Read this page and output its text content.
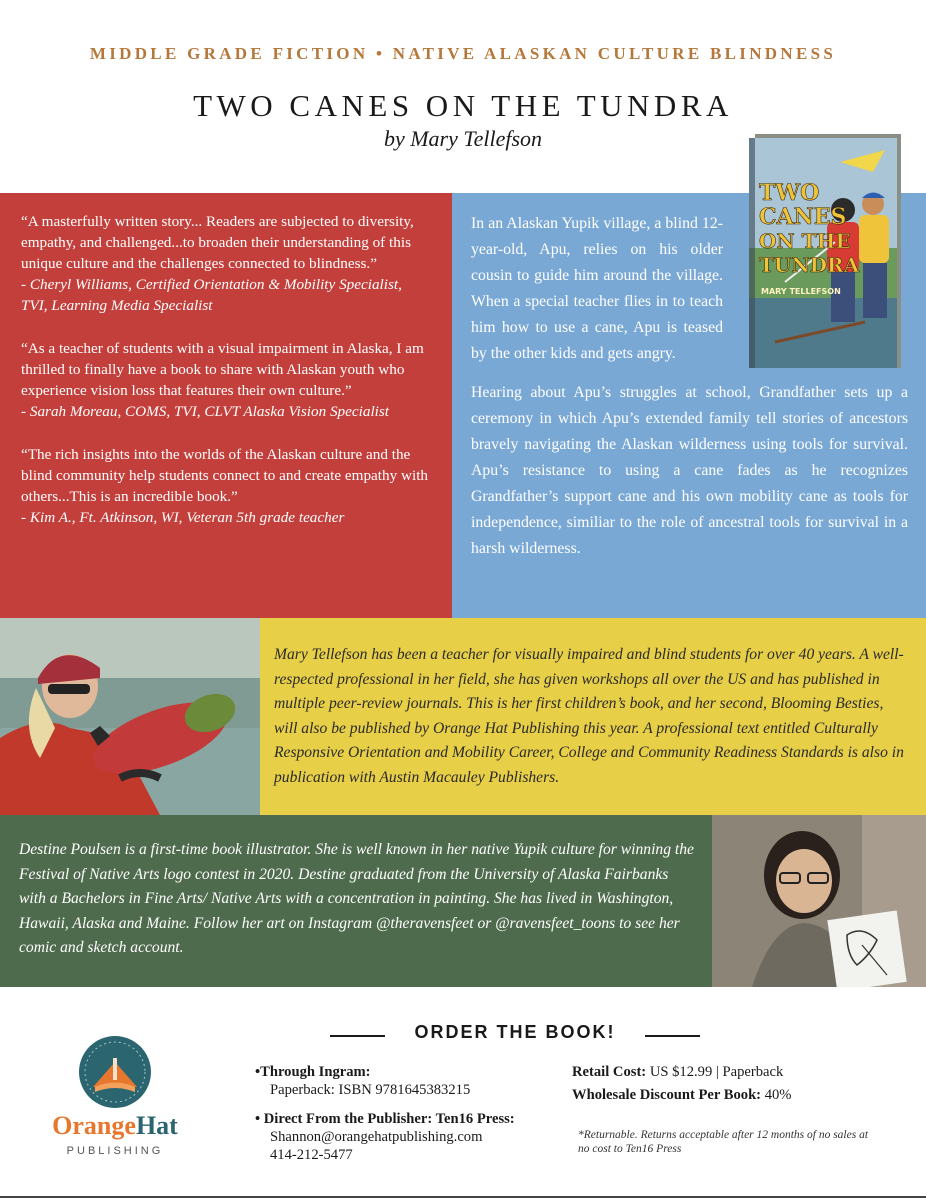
MIDDLE GRADE FICTION • NATIVE ALASKAN CULTURE BLINDNESS
TWO CANES ON THE TUNDRA
by Mary Tellefson
“A masterfully written story... Readers are subjected to diversity, empathy, and challenged...to broaden their understanding of this unique culture and the challenges connected to blindness.”
- Cheryl Williams, Certified Orientation & Mobility Specialist, TVI, Learning Media Specialist
“As a teacher of students with a visual impairment in Alaska, I am thrilled to finally have a book to share with Alaskan youth who experience vision loss that features their own culture.”
- Sarah Moreau, COMS, TVI, CLVT Alaska Vision Specialist
“The rich insights into the worlds of the Alaskan culture and the blind community help students connect to and create empathy with others...This is an incredible book.”
- Kim A., Ft. Atkinson, WI, Veteran 5th grade teacher

In an Alaskan Yupik village, a blind 12-year-old, Apu, relies on his older cousin to guide him around the village. When a special teacher flies in to teach him how to use a cane, Apu is teased by the other kids and gets angry.

Hearing about Apu’s struggles at school, Grandfather sets up a ceremony in which Apu’s extended family tell stories of ancestors bravely navigating the Alaskan wilderness using tools for survival. Apu’s resistance to using a cane fades as he recognizes Grandfather’s support cane and his own mobility cane as tools for independence, similiar to the role of ancestral tools for survival in a harsh wilderness.

TWO
CANES
ON THE
TUNDRA
MARY TELLEFSON
Mary Tellefson has been a teacher for visually impaired and blind students for over 40 years. A well-respected professional in her field, she has given workshops all over the US and has published in multiple peer-review journals. This is her first children’s book, and her second, Blooming Besties, will also be published by Orange Hat Publishing this year. A professional text entitled Culturally Responsive Orientation and Mobility Career, College and Community Readiness Standards is also in publication with Austin Macauley Publishers.
Destine Poulsen is a first-time book illustrator. She is well known in her native Yupik culture for winning the Festival of Native Arts logo contest in 2020. Destine graduated from the University of Alaska Fairbanks with a Bachelors in Fine Arts/ Native Arts with a concentration in painting. She has lived in Washington, Hawaii, Alaska and Maine. Follow her art on Instagram @theravensfeet or @ravensfeet_toons to see her comic and sketch account.
ORDER THE BOOK!
OrangeHat
PUBLISHING
•Through Ingram:
Paperback: ISBN 9781645383215
• Direct From the Publisher: Ten16 Press:
Shannon@orangehatpublishing.com
414-212-5477
Retail Cost: US $12.99 | Paperback
Wholesale Discount Per Book: 40%
*Returnable. Returns acceptable after 12 months of no sales at no cost to Ten16 Press
